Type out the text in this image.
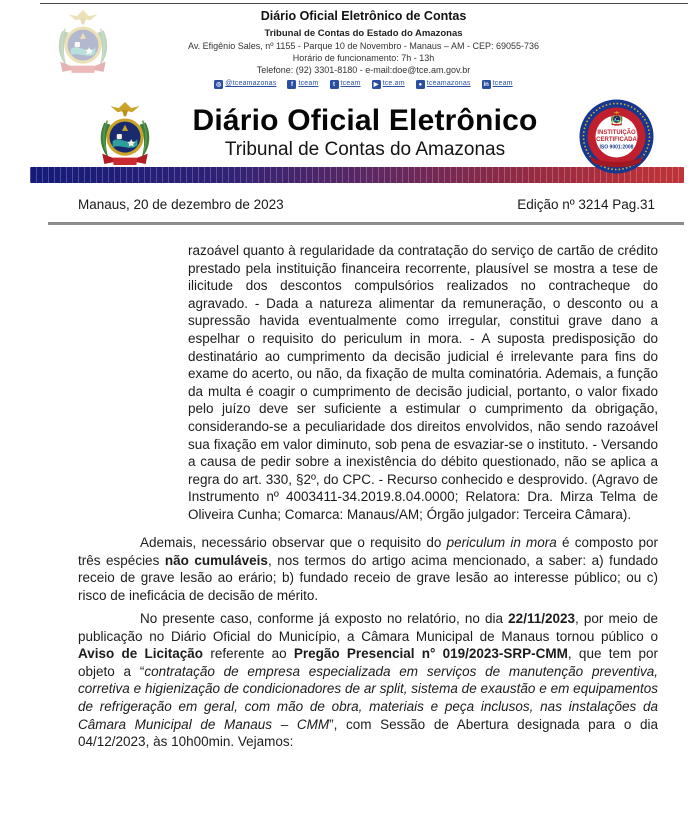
Diário Oficial Eletrônico de Contas
Tribunal de Contas do Estado do Amazonas
Av. Efigênio Sales, nº 1155 - Parque 10 de Novembro - Manaus – AM - CEP: 69055-736
Horário de funcionamento: 7h - 13h
Telefone: (92) 3301-8180 - e-mail:doe@tce.am.gov.br
◎ @tceamazonas	f tceam	t tceam	▶ tce.am	● tceamazonas	in tceam
Diário Oficial Eletrônico
Tribunal de Contas do Amazonas
INSTITUIÇÃO
CERTIFICADA
ISO 9001:2008
Manaus, 20 de dezembro de 2023	Edição nº 3214 Pag.31
razoável quanto à regularidade da contratação do serviço de cartão de crédito prestado pela instituição financeira recorrente, plausível se mostra a tese de ilicitude dos descontos compulsórios realizados no contracheque do agravado. - Dada a natureza alimentar da remuneração, o desconto ou a supressão havida eventualmente como irregular, constitui grave dano a espelhar o requisito do periculum in mora. - A suposta predisposição do destinatário ao cumprimento da decisão judicial é irrelevante para fins do exame do acerto, ou não, da fixação de multa cominatória. Ademais, a função da multa é coagir o cumprimento de decisão judicial, portanto, o valor fixado pelo juízo deve ser suficiente a estimular o cumprimento da obrigação, considerando-se a peculiaridade dos direitos envolvidos, não sendo razoável sua fixação em valor diminuto, sob pena de esvaziar-se o instituto. - Versando a causa de pedir sobre a inexistência do débito questionado, não se aplica a regra do art. 330, §2º, do CPC. - Recurso conhecido e desprovido. (Agravo de Instrumento nº 4003411-34.2019.8.04.0000; Relatora: Dra. Mirza Telma de Oliveira Cunha; Comarca: Manaus/AM; Órgão julgador: Terceira Câmara).
Ademais, necessário observar que o requisito do periculum in mora é composto por três espécies não cumuláveis, nos termos do artigo acima mencionado, a saber: a) fundado receio de grave lesão ao erário; b) fundado receio de grave lesão ao interesse público; ou c) risco de ineficácia de decisão de mérito.
No presente caso, conforme já exposto no relatório, no dia 22/11/2023, por meio de publicação no Diário Oficial do Município, a Câmara Municipal de Manaus tornou público o Aviso de Licitação referente ao Pregão Presencial n° 019/2023-SRP-CMM, que tem por objeto a “contratação de empresa especializada em serviços de manutenção preventiva, corretiva e higienização de condicionadores de ar split, sistema de exaustão e em equipamentos de refrigeração em geral, com mão de obra, materiais e peça inclusos, nas instalações da Câmara Municipal de Manaus – CMM”, com Sessão de Abertura designada para o dia 04/12/2023, às 10h00min. Vejamos:
